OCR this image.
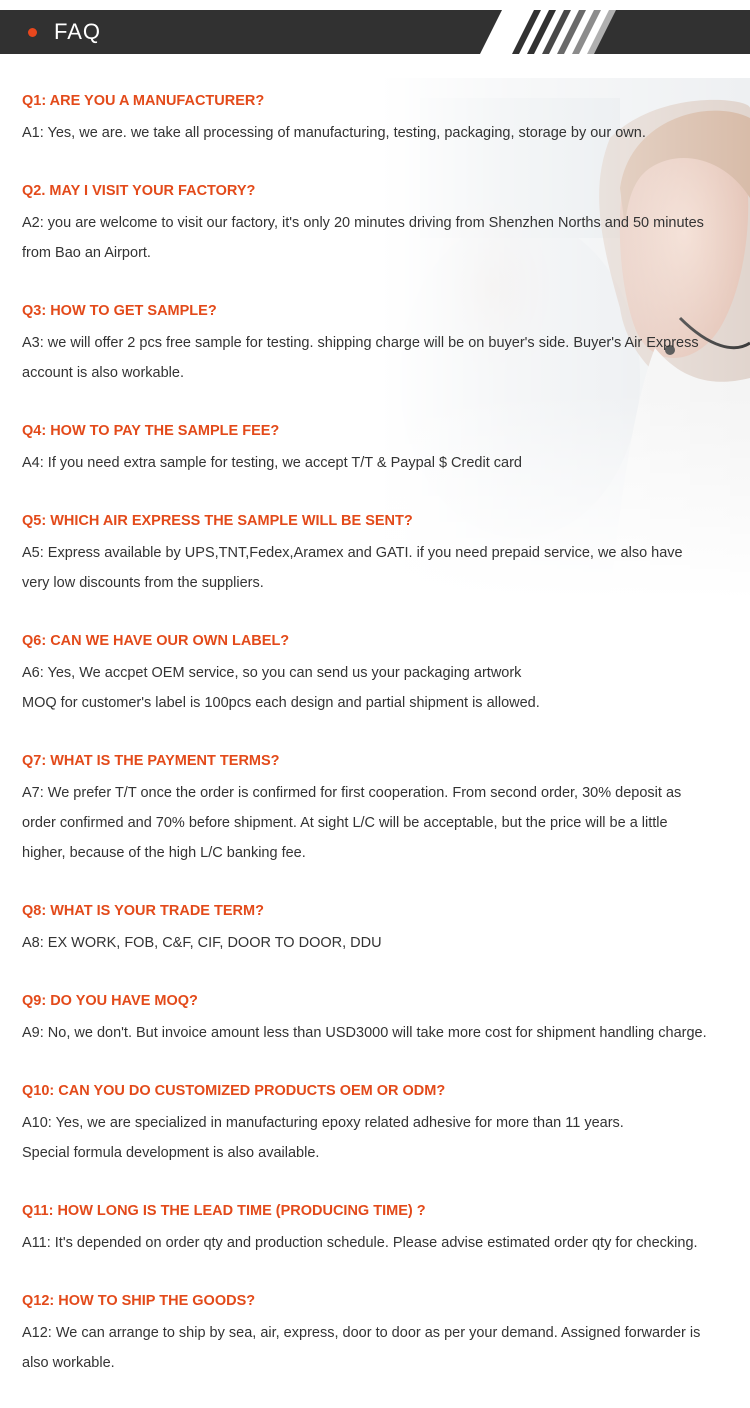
FAQ
Q1: ARE YOU A MANUFACTURER?
A1: Yes, we are. we take all processing of manufacturing, testing, packaging, storage by our own.
Q2. MAY I VISIT YOUR FACTORY?
A2: you are welcome to visit our factory, it's only 20 minutes driving from Shenzhen Norths and 50 minutes
from Bao an Airport.
Q3: HOW TO GET SAMPLE?
A3: we will offer 2 pcs free sample for testing. shipping charge will be on buyer's side. Buyer's Air Express
account is also workable.
Q4: HOW TO PAY THE SAMPLE FEE?
A4: If you need extra sample for testing, we accept T/T & Paypal $ Credit card
Q5: WHICH AIR EXPRESS THE SAMPLE WILL BE SENT?
A5: Express available by UPS,TNT,Fedex,Aramex and GATI. if you need prepaid service, we also have
very low discounts from the suppliers.
Q6: CAN WE HAVE OUR OWN LABEL?
A6: Yes, We accpet OEM service, so you can send us your packaging artwork
MOQ for customer's label is 100pcs each design and partial shipment is allowed.
Q7: WHAT IS THE PAYMENT TERMS?
A7: We prefer T/T once the order is confirmed for first cooperation. From second order, 30% deposit as
order confirmed and 70% before shipment. At sight L/C will be acceptable, but the price will be a little
higher, because of the high L/C banking fee.
Q8: WHAT IS YOUR TRADE TERM?
A8: EX WORK, FOB, C&F, CIF, DOOR TO DOOR, DDU
Q9: DO YOU HAVE MOQ?
A9: No, we don't. But invoice amount less than USD3000 will take more cost for shipment handling charge.
Q10: CAN YOU DO CUSTOMIZED PRODUCTS OEM OR ODM?
A10: Yes, we are specialized in manufacturing epoxy related adhesive for more than 11 years.
Special formula development is also available.
Q11: HOW LONG IS THE LEAD TIME (PRODUCING TIME) ?
A11: It's depended on order qty and production schedule. Please advise estimated order qty for checking.
Q12: HOW TO SHIP THE GOODS?
A12: We can arrange to ship by sea, air, express, door to door as per your demand. Assigned forwarder is
also workable.
